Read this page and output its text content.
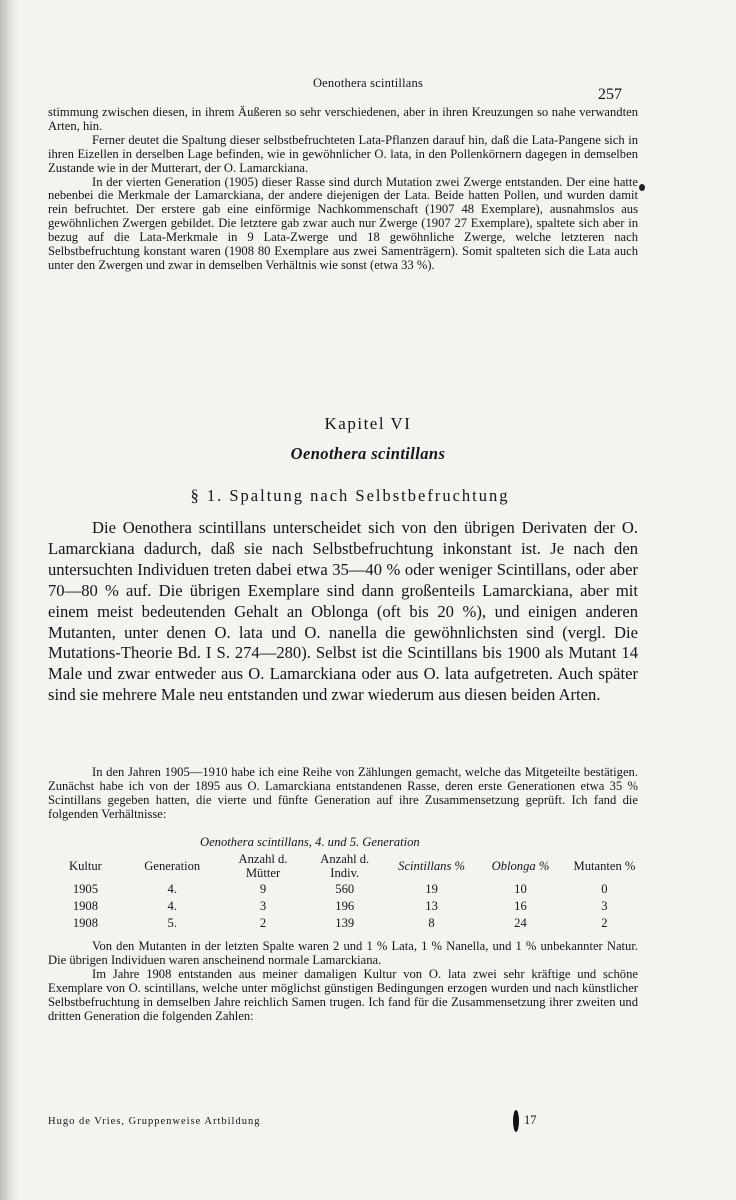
Oenothera scintillans
257

stimmung zwischen diesen, in ihrem Äußeren so sehr verschiedenen, aber in ihren Kreuzungen so nahe verwandten Arten, hin.

Ferner deutet die Spaltung dieser selbstbefruchteten Lata-Pflanzen darauf hin, daß die Lata-Pangene sich in ihren Eizellen in derselben Lage befinden, wie in gewöhnlicher O. lata, in den Pollenkörnern dagegen in demselben Zustande wie in der Mutterart, der O. Lamarckiana.

In der vierten Generation (1905) dieser Rasse sind durch Mutation zwei Zwerge entstanden. Der eine hatte nebenbei die Merkmale der Lamarckiana, der andere diejenigen der Lata. Beide hatten Pollen, und wurden damit rein befruchtet. Der erstere gab eine einförmige Nachkommenschaft (1907 48 Exemplare), ausnahmslos aus gewöhnlichen Zwergen gebildet. Die letztere gab zwar auch nur Zwerge (1907 27 Exemplare), spaltete sich aber in bezug auf die Lata-Merkmale in 9 Lata-Zwerge und 18 gewöhnliche Zwerge, welche letzteren nach Selbstbefruchtung konstant waren (1908 80 Exemplare aus zwei Samenträgern). Somit spalteten sich die Lata auch unter den Zwergen und zwar in demselben Verhältnis wie sonst (etwa 33 %).

Kapitel VI
Oenothera scintillans
§ 1. Spaltung nach Selbstbefruchtung

Die Oenothera scintillans unterscheidet sich von den übrigen Derivaten der O. Lamarckiana dadurch, daß sie nach Selbstbefruchtung inkonstant ist. Je nach den untersuchten Individuen treten dabei etwa 35—40 % oder weniger Scintillans, oder aber 70—80 % auf. Die übrigen Exemplare sind dann großenteils Lamarckiana, aber mit einem meist bedeutenden Gehalt an Oblonga (oft bis 20 %), und einigen anderen Mutanten, unter denen O. lata und O. nanella die gewöhnlichsten sind (vergl. Die Mutations-Theorie Bd. I S. 274—280). Selbst ist die Scintillans bis 1900 als Mutant 14 Male und zwar entweder aus O. Lamarckiana oder aus O. lata aufgetreten. Auch später sind sie mehrere Male neu entstanden und zwar wiederum aus diesen beiden Arten.

In den Jahren 1905—1910 habe ich eine Reihe von Zählungen gemacht, welche das Mitgeteilte bestätigen. Zunächst habe ich von der 1895 aus O. Lamarckiana entstandenen Rasse, deren erste Generationen etwa 35 % Scintillans gegeben hatten, die vierte und fünfte Generation auf ihre Zusammensetzung geprüft. Ich fand die folgenden Verhältnisse:

Oenothera scintillans, 4. und 5. Generation
Kultur	Generation	Anzahl d. Mütter	Anzahl d. Indiv.	Scintillans %	Oblonga %	Mutanten %
1905	4.	9	560	19	10	0
1908	4.	3	196	13	16	3
1908	5.	2	139	8	24	2

Von den Mutanten in der letzten Spalte waren 2 und 1 % Lata, 1 % Nanella, und 1 % unbekannter Natur. Die übrigen Individuen waren anscheinend normale Lamarckiana.

Im Jahre 1908 entstanden aus meiner damaligen Kultur von O. lata zwei sehr kräftige und schöne Exemplare von O. scintillans, welche unter möglichst günstigen Bedingungen erzogen wurden und nach künstlicher Selbstbefruchtung in demselben Jahre reichlich Samen trugen. Ich fand für die Zusammensetzung ihrer zweiten und dritten Generation die folgenden Zahlen:

Hugo de Vries, Gruppenweise Artbildung	17
